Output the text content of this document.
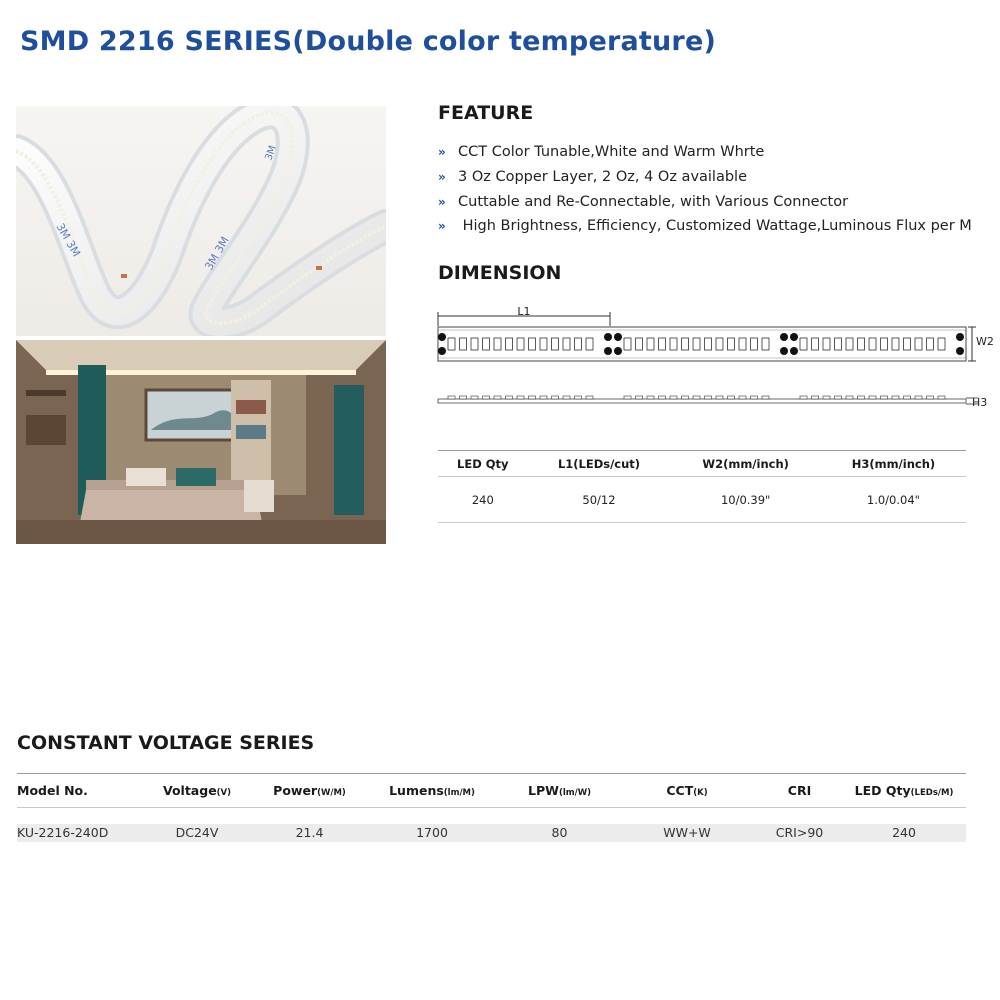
SMD 2216 SERIES(Double color temperature)
3M 3M	3M 3M
3M
FEATURE
» CCT Color Tunable,White and Warm Whrte
» 3 Oz Copper Layer, 2 Oz, 4 Oz available
» Cuttable and Re-Connectable, with Various Connector
» High Brightness, Efficiency, Customized Wattage,Luminous Flux per M
DIMENSION
L1
W2
H3
LED Qty	L1(LEDs/cut)	W2(mm/inch)	H3(mm/inch)
240	50/12	10/0.39"	1.0/0.04"
CONSTANT VOLTAGE SERIES
Model No.	Voltage(V)	Power(W/M)	Lumens(lm/M)	LPW(lm/W)	CCT(K)	CRI	LED Qty(LEDs/M)

KU-2216-240D	DC24V	21.4	1700	80	WW+W	CRI>90	240
